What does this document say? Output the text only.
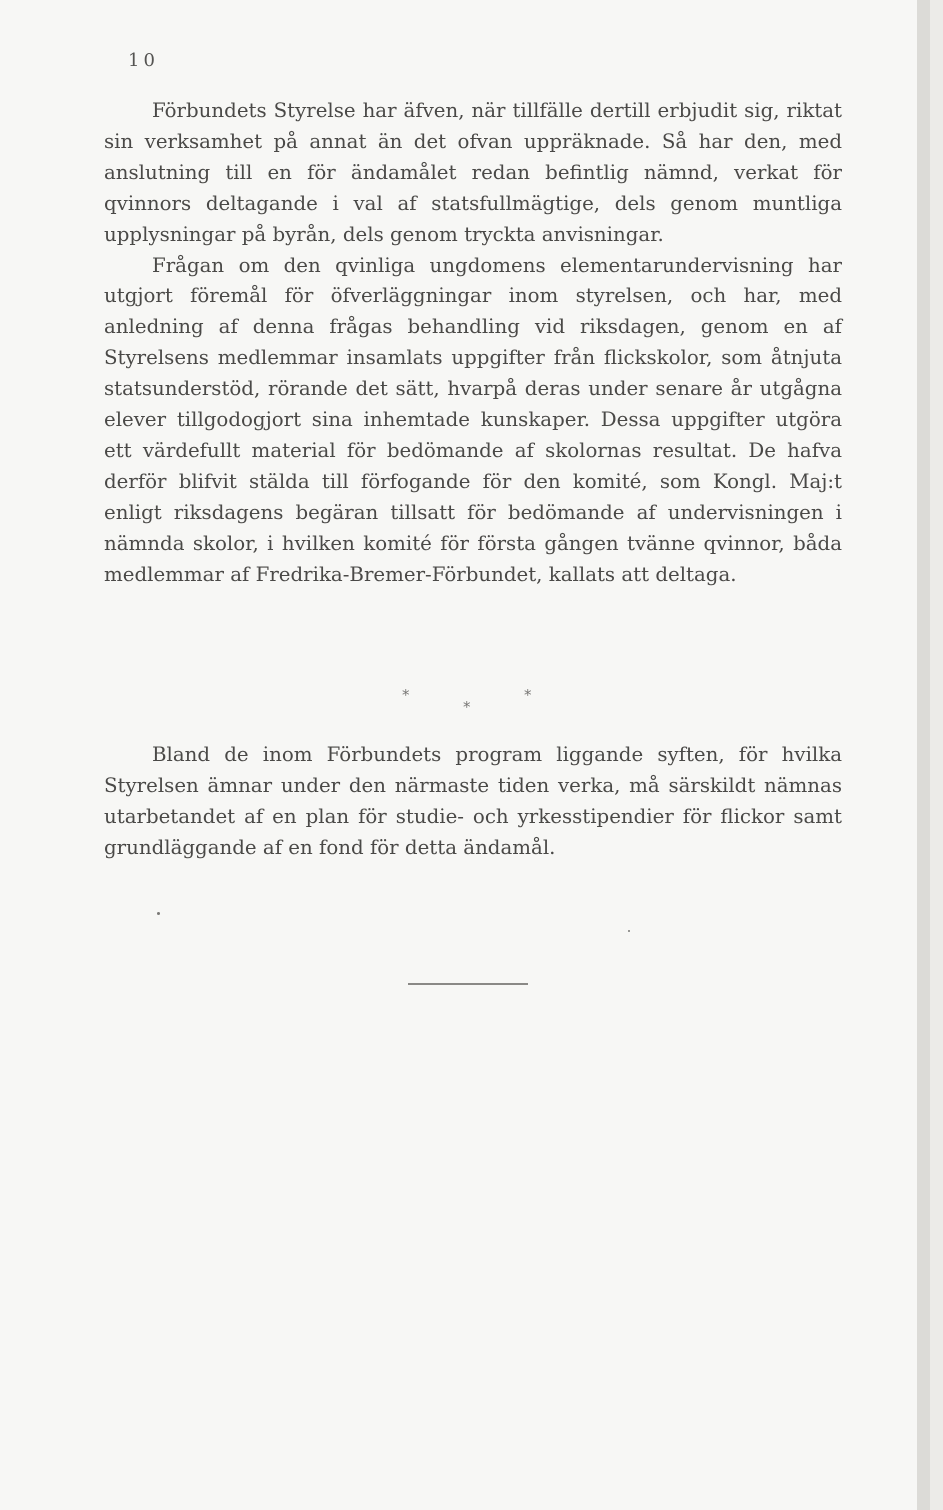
10

Förbundets Styrelse har äfven, när tillfälle dertill erbjudit sig, riktat sin verksamhet på annat än det ofvan uppräknade. Så har den, med anslutning till en för ändamålet redan befintlig nämnd, verkat för qvinnors deltagande i val af statsfullmägtige, dels genom muntliga upplysningar på byrån, dels genom tryckta anvisningar.

Frågan om den qvinliga ungdomens elementarundervisning har utgjort föremål för öfverläggningar inom styrelsen, och har, med anledning af denna frågas behandling vid riksdagen, genom en af Styrelsens medlemmar insamlats uppgifter från flickskolor, som åtnjuta statsunderstöd, rörande det sätt, hvarpå deras under senare år utgågna elever tillgodogjort sina inhemtade kunskaper. Dessa uppgifter utgöra ett värdefullt material för bedömande af skolornas resultat. De hafva derför blifvit stälda till förfogande för den komité, som Kongl. Maj:t enligt riksdagens begäran tillsatt för bedömande af undervisningen i nämnda skolor, i hvilken komité för första gången tvänne qvinnor, båda medlemmar af Fredrika-Bremer-Förbundet, kallats att deltaga.

*
*
*

Bland de inom Förbundets program liggande syften, för hvilka Styrelsen ämnar under den närmaste tiden verka, må särskildt nämnas utarbetandet af en plan för studie- och yrkesstipendier för flickor samt grundläggande af en fond för detta ändamål.
